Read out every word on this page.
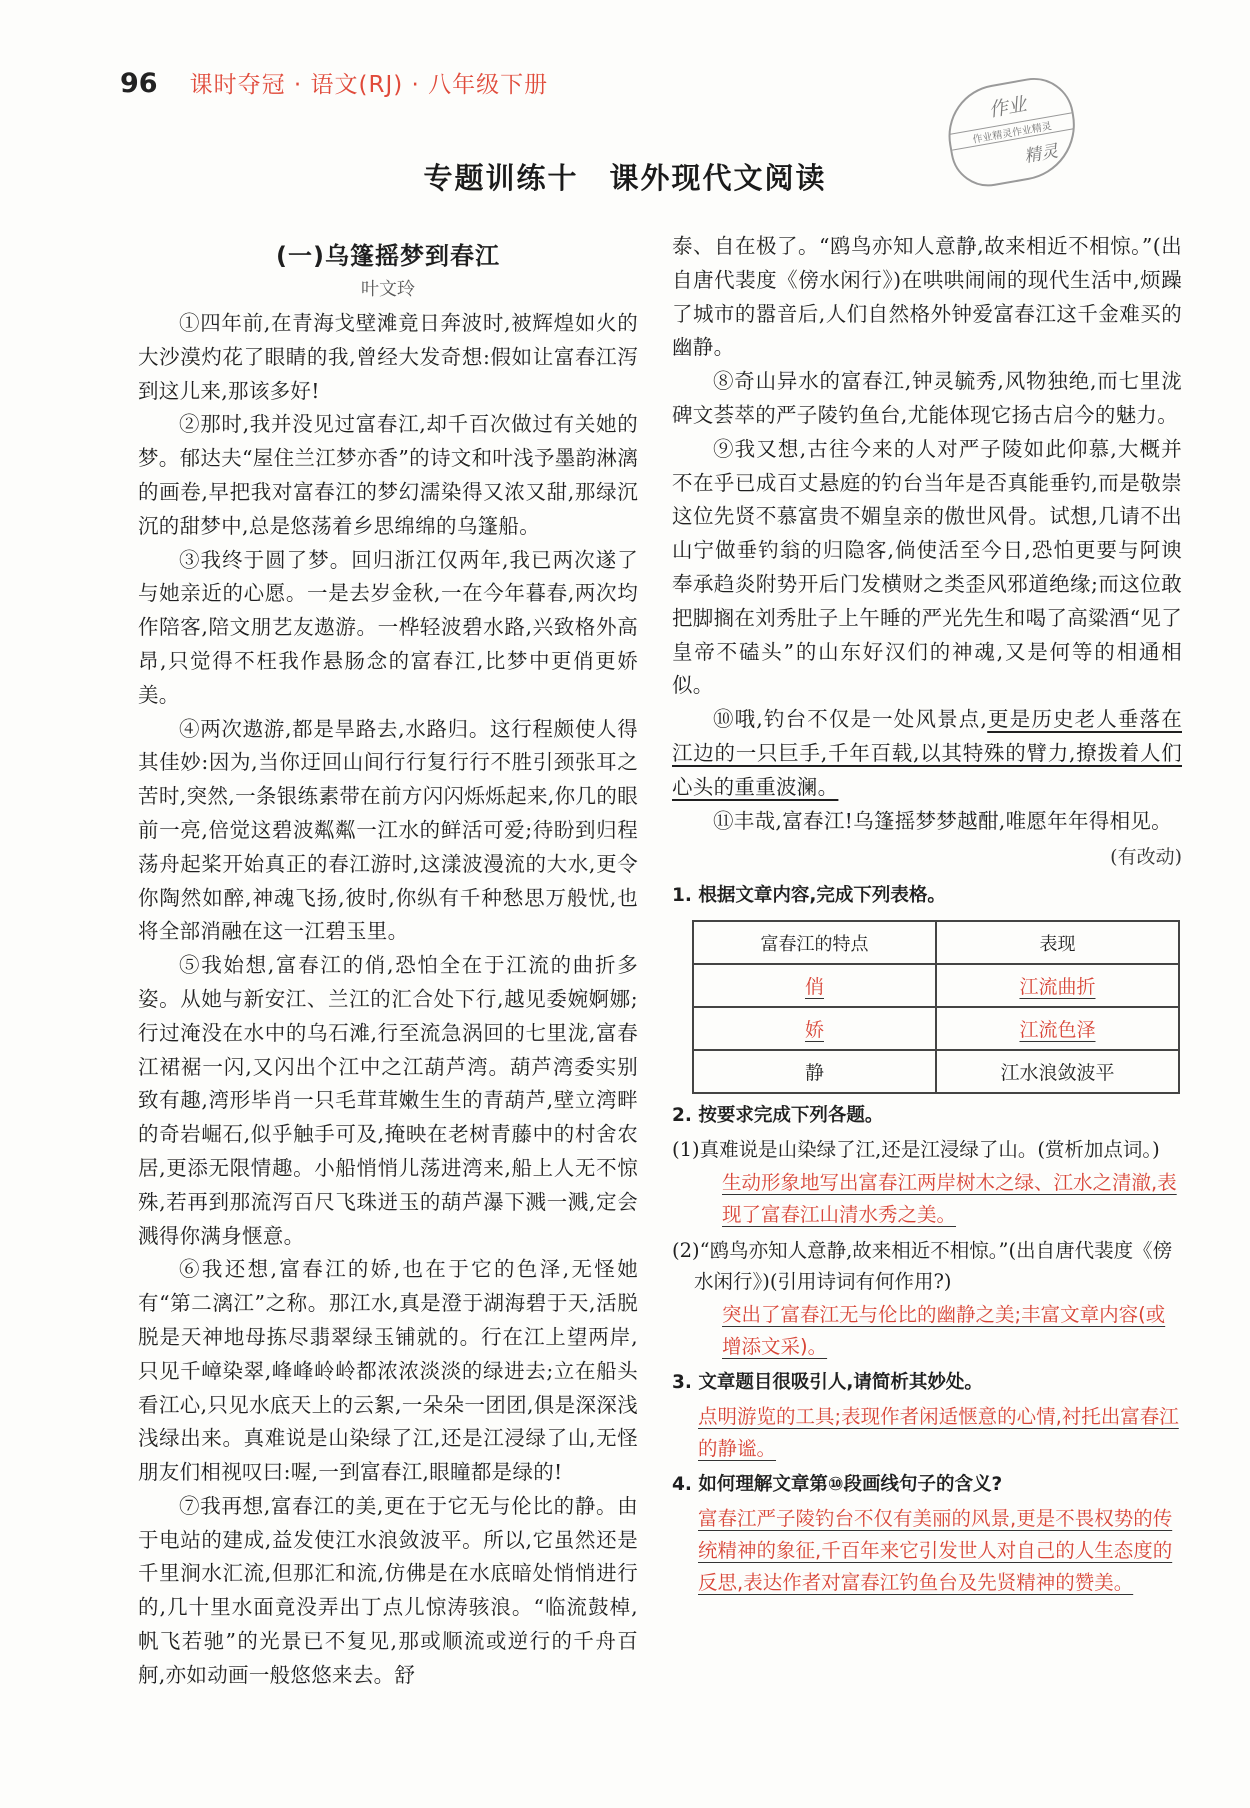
96 课时夺冠 · 语文(RJ) · 八年级下册
作业
作业精灵作业精灵
精灵
专题训练十　课外现代文阅读
(一)乌篷摇梦到春江
叶文玲

①四年前,在青海戈壁滩竟日奔波时,被辉煌如火的大沙漠灼花了眼睛的我,曾经大发奇想:假如让富春江泻到这儿来,那该多好!

②那时,我并没见过富春江,却千百次做过有关她的梦。郁达夫“屋住兰江梦亦香”的诗文和叶浅予墨韵淋漓的画卷,早把我对富春江的梦幻濡染得又浓又甜,那绿沉沉的甜梦中,总是悠荡着乡思绵绵的乌篷船。

③我终于圆了梦。回归浙江仅两年,我已两次遂了与她亲近的心愿。一是去岁金秋,一在今年暮春,两次均作陪客,陪文朋艺友遨游。一桦轻波碧水路,兴致格外高昂,只觉得不枉我作悬肠念的富春江,比梦中更俏更娇美。

④两次遨游,都是旱路去,水路归。这行程颇使人得其佳妙:因为,当你迂回山间行行复行行不胜引颈张耳之苦时,突然,一条银练素带在前方闪闪烁烁起来,你几的眼前一亮,倍觉这碧波粼粼一江水的鲜活可爱;待盼到归程荡舟起桨开始真正的春江游时,这漾波漫流的大水,更令你陶然如醉,神魂飞扬,彼时,你纵有千种愁思万般忧,也将全部消融在这一江碧玉里。

⑤我始想,富春江的俏,恐怕全在于江流的曲折多姿。从她与新安江、兰江的汇合处下行,越见委婉婀娜;行过淹没在水中的乌石滩,行至流急涡回的七里泷,富春江裙裾一闪,又闪出个江中之江葫芦湾。葫芦湾委实别致有趣,湾形毕肖一只毛茸茸嫩生生的青葫芦,壁立湾畔的奇岩崛石,似乎触手可及,掩映在老树青藤中的村舍农居,更添无限情趣。小船悄悄儿荡进湾来,船上人无不惊殊,若再到那流泻百尺飞珠迸玉的葫芦瀑下溅一溅,定会溅得你满身惬意。

⑥我还想,富春江的娇,也在于它的色泽,无怪她有“第二漓江”之称。那江水,真是澄于湖海碧于天,活脱脱是天神地母拣尽翡翠绿玉铺就的。行在江上望两岸,只见千嶂染翠,峰峰岭岭都浓浓淡淡的绿进去;立在船头看江心,只见水底天上的云絮,一朵朵一团团,俱是深深浅浅绿出来。真难说是山染绿了江,还是江浸绿了山,无怪朋友们相视叹曰:喔,一到富春江,眼瞳都是绿的!

⑦我再想,富春江的美,更在于它无与伦比的静。由于电站的建成,益发使江水浪敛波平。所以,它虽然还是千里涧水汇流,但那汇和流,仿佛是在水底暗处悄悄进行的,几十里水面竟没弄出丁点儿惊涛骇浪。“临流鼓棹,帆飞若驰”的光景已不复见,那或顺流或逆行的千舟百舸,亦如动画一般悠悠来去。舒

泰、自在极了。“鸥鸟亦知人意静,故来相近不相惊。”(出自唐代裴度《傍水闲行》)在哄哄闹闹的现代生活中,烦躁了城市的嚣音后,人们自然格外钟爱富春江这千金难买的幽静。

⑧奇山异水的富春江,钟灵毓秀,风物独绝,而七里泷碑文荟萃的严子陵钓鱼台,尤能体现它扬古启今的魅力。

⑨我又想,古往今来的人对严子陵如此仰慕,大概并不在乎已成百丈悬庭的钓台当年是否真能垂钓,而是敬崇这位先贤不慕富贵不媚皇亲的傲世风骨。试想,几请不出山宁做垂钓翁的归隐客,倘使活至今日,恐怕更要与阿谀奉承趋炎附势开后门发横财之类歪风邪道绝缘;而这位敢把脚搁在刘秀肚子上午睡的严光先生和喝了高粱酒“见了皇帝不磕头”的山东好汉们的神魂,又是何等的相通相似。

⑩哦,钓台不仅是一处风景点,更是历史老人垂落在江边的一只巨手,千年百载,以其特殊的臂力,撩拨着人们心头的重重波澜。

⑪丰哉,富春江!乌篷摇梦梦越酣,唯愿年年得相见。

(有改动)
1. 根据文章内容,完成下列表格。
富春江的特点	表现
俏	江流曲折
娇	江流色泽
静	江水浪敛波平
2. 按要求完成下列各题。
(1)真难说是山染绿了江,还是江浸绿了山。(赏析加点词。)
生动形象地写出富春江两岸树木之绿、江水之清澈,表现了富春江山清水秀之美。
(2)“鸥鸟亦知人意静,故来相近不相惊。”(出自唐代裴度《傍水闲行》)(引用诗词有何作用?)
突出了富春江无与伦比的幽静之美;丰富文章内容(或增添文采)。
3. 文章题目很吸引人,请简析其妙处。
点明游览的工具;表现作者闲适惬意的心情,衬托出富春江的静谧。
4. 如何理解文章第⑩段画线句子的含义?
富春江严子陵钓台不仅有美丽的风景,更是不畏权势的传统精神的象征,千百年来它引发世人对自己的人生态度的反思,表达作者对富春江钓鱼台及先贤精神的赞美。
